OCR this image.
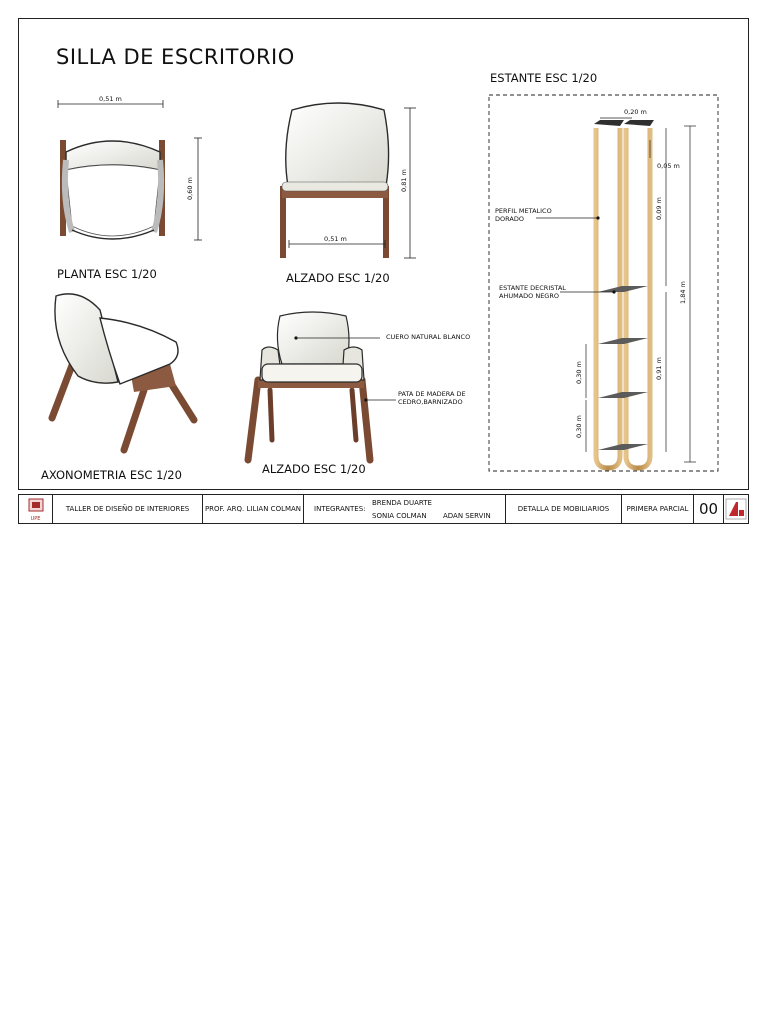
SILLA DE ESCRITORIO
0,51 m
0,60 m
PLANTA ESC 1/20
0,81 m
0,51 m
ALZADO ESC 1/20
AXONOMETRIA ESC 1/20	ALZADO ESC 1/20
CUERO NATURAL BLANCO
PATA DE MADERA DE
CEDRO,BARNIZADO
ESTANTE ESC 1/20
0,20 m
0,05 m
0,09 m
1,84 m
0,91 m
0,30 m
0,30 m
PERFIL METALICO
DORADO
ESTANTE DECRISTAL
AHUMADO NEGRO
UPE
TALLER DE DISEÑO DE INTERIORES PROF. ARQ. LILIAN COLMAN INTEGRANTES:
BRENDA DUARTE
SONIA COLMAN ADAN SERVIN
DETALLA DE MOBILIARIOS PRIMERA PARCIAL 00
